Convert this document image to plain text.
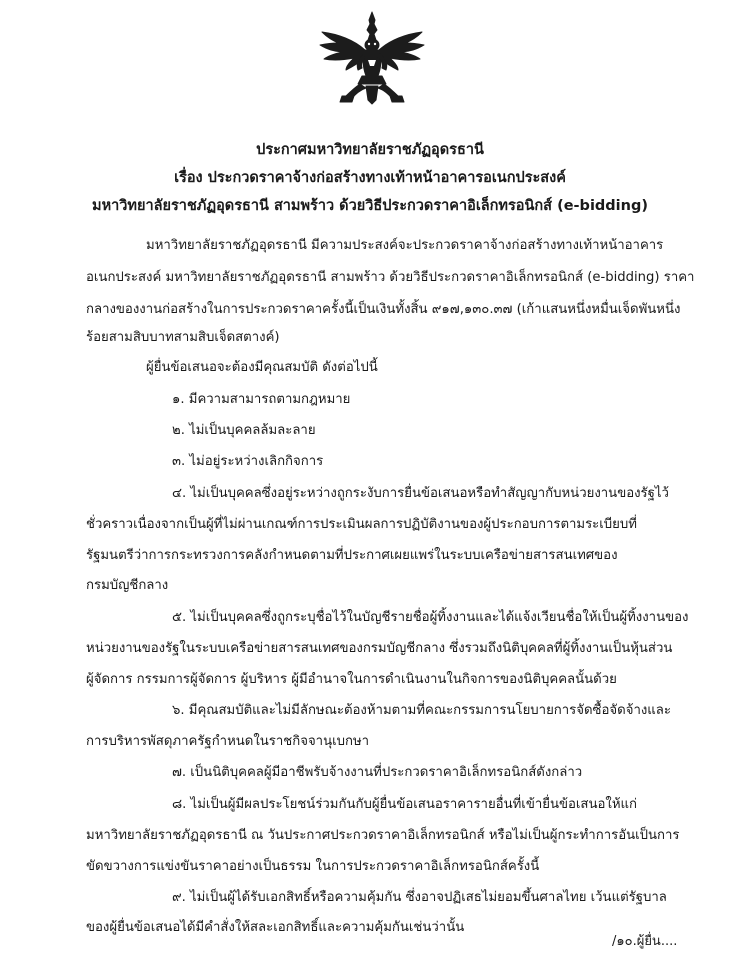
ประกาศมหาวิทยาลัยราชภัฏอุดรธานี
เรื่อง ประกวดราคาจ้างก่อสร้างทางเท้าหน้าอาคารอเนกประสงค์
มหาวิทยาลัยราชภัฏอุดรธานี สามพร้าว ด้วยวิธีประกวดราคาอิเล็กทรอนิกส์ (e-bidding)
มหาวิทยาลัยราชภัฏอุดรธานี มีความประสงค์จะประกวดราคาจ้างก่อสร้างทางเท้าหน้าอาคาร
อเนกประสงค์ มหาวิทยาลัยราชภัฏอุดรธานี สามพร้าว ด้วยวิธีประกวดราคาอิเล็กทรอนิกส์ (e-bidding) ราคา
กลางของงานก่อสร้างในการประกวดราคาครั้งนี้เป็นเงินทั้งสิ้น ๙๑๗,๑๓๐.๓๗ (เก้าแสนหนึ่งหมื่นเจ็ดพันหนึ่ง
ร้อยสามสิบบาทสามสิบเจ็ดสตางค์)
ผู้ยื่นข้อเสนอจะต้องมีคุณสมบัติ ดังต่อไปนี้
๑. มีความสามารถตามกฎหมาย
๒. ไม่เป็นบุคคลล้มละลาย
๓. ไม่อยู่ระหว่างเลิกกิจการ
๔. ไม่เป็นบุคคลซึ่งอยู่ระหว่างถูกระงับการยื่นข้อเสนอหรือทำสัญญากับหน่วยงานของรัฐไว้
ชั่วคราวเนื่องจากเป็นผู้ที่ไม่ผ่านเกณฑ์การประเมินผลการปฏิบัติงานของผู้ประกอบการตามระเบียบที่
รัฐมนตรีว่าการกระทรวงการคลังกำหนดตามที่ประกาศเผยแพร่ในระบบเครือข่ายสารสนเทศของ
กรมบัญชีกลาง
๕. ไม่เป็นบุคคลซึ่งถูกระบุชื่อไว้ในบัญชีรายชื่อผู้ทิ้งงานและได้แจ้งเวียนชื่อให้เป็นผู้ทิ้งงานของ
หน่วยงานของรัฐในระบบเครือข่ายสารสนเทศของกรมบัญชีกลาง ซึ่งรวมถึงนิติบุคคลที่ผู้ทิ้งงานเป็นหุ้นส่วน
ผู้จัดการ กรรมการผู้จัดการ ผู้บริหาร ผู้มีอำนาจในการดำเนินงานในกิจการของนิติบุคคลนั้นด้วย
๖. มีคุณสมบัติและไม่มีลักษณะต้องห้ามตามที่คณะกรรมการนโยบายการจัดซื้อจัดจ้างและ
การบริหารพัสดุภาครัฐกำหนดในราชกิจจานุเบกษา
๗. เป็นนิติบุคคลผู้มีอาชีพรับจ้างงานที่ประกวดราคาอิเล็กทรอนิกส์ดังกล่าว
๘. ไม่เป็นผู้มีผลประโยชน์ร่วมกันกับผู้ยื่นข้อเสนอราคารายอื่นที่เข้ายื่นข้อเสนอให้แก่
มหาวิทยาลัยราชภัฏอุดรธานี ณ วันประกาศประกวดราคาอิเล็กทรอนิกส์ หรือไม่เป็นผู้กระทำการอันเป็นการ
ขัดขวางการแข่งขันราคาอย่างเป็นธรรม ในการประกวดราคาอิเล็กทรอนิกส์ครั้งนี้
๙. ไม่เป็นผู้ได้รับเอกสิทธิ์หรือความคุ้มกัน ซึ่งอาจปฏิเสธไม่ยอมขึ้นศาลไทย เว้นแต่รัฐบาล
ของผู้ยื่นข้อเสนอได้มีคำสั่งให้สละเอกสิทธิ์และความคุ้มกันเช่นว่านั้น
/๑๐.ผู้ยื่น....
